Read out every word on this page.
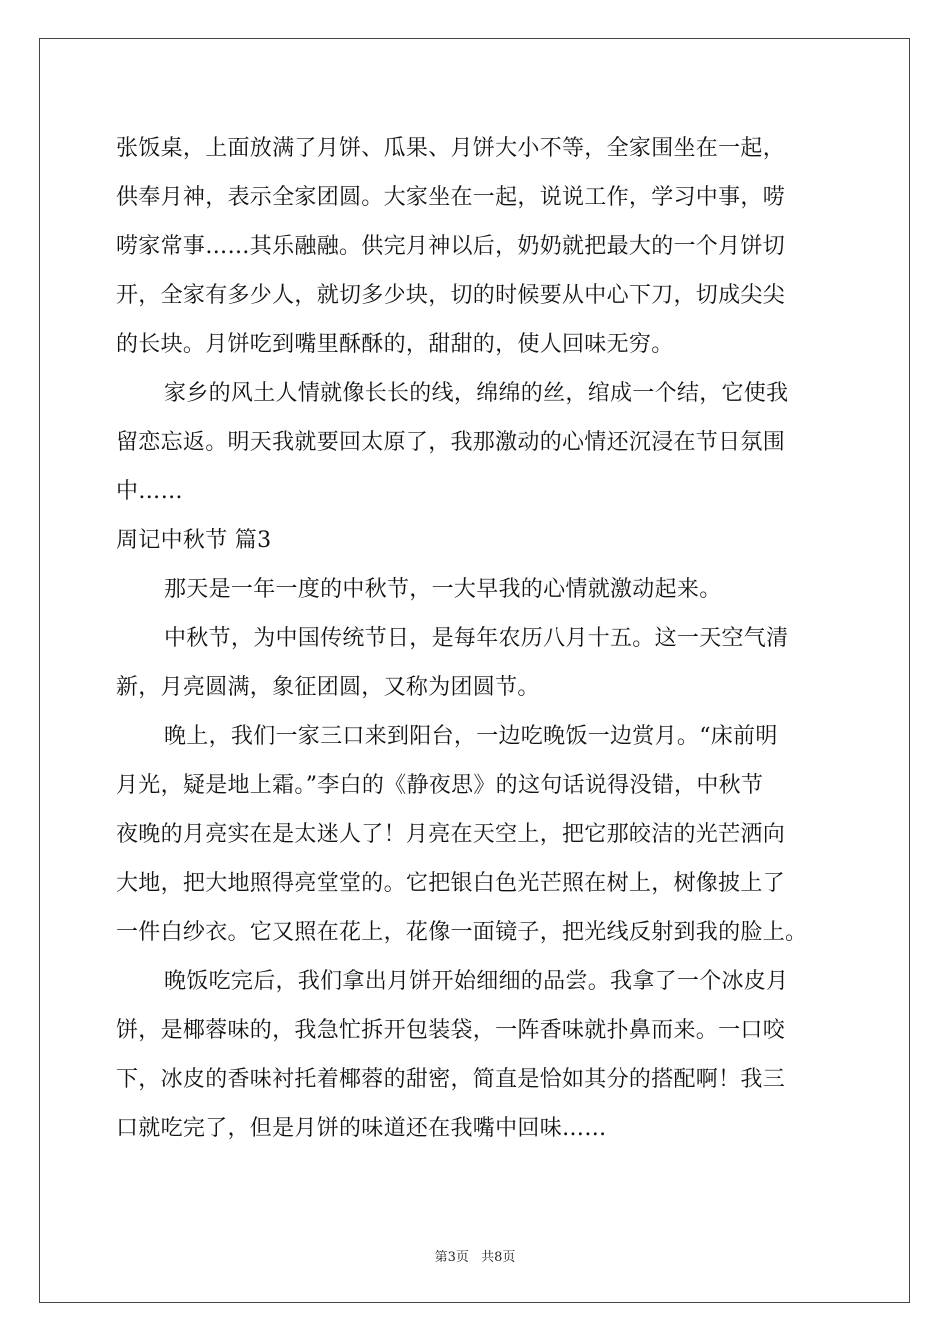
张饭桌，上面放满了月饼、瓜果、月饼大小不等，全家围坐在一起，
供奉月神，表示全家团圆。大家坐在一起，说说工作，学习中事，唠
唠家常事……其乐融融。供完月神以后，奶奶就把最大的一个月饼切
开，全家有多少人，就切多少块，切的时候要从中心下刀，切成尖尖
的长块。月饼吃到嘴里酥酥的，甜甜的，使人回味无穷。
家乡的风土人情就像长长的线，绵绵的丝，绾成一个结，它使我
留恋忘返。明天我就要回太原了，我那激动的心情还沉浸在节日氛围
中……
周记中秋节 篇3
那天是一年一度的中秋节，一大早我的心情就激动起来。
中秋节，为中国传统节日，是每年农历八月十五。这一天空气清
新，月亮圆满，象征团圆，又称为团圆节。
晚上，我们一家三口来到阳台，一边吃晚饭一边赏月。“床前明
月光，疑是地上霜。”李白的《静夜思》的这句话说得没错，中秋节
夜晚的月亮实在是太迷人了！月亮在天空上，把它那皎洁的光芒洒向
大地，把大地照得亮堂堂的。它把银白色光芒照在树上，树像披上了
一件白纱衣。它又照在花上，花像一面镜子，把光线反射到我的脸上。
晚饭吃完后，我们拿出月饼开始细细的品尝。我拿了一个冰皮月
饼，是椰蓉味的，我急忙拆开包装袋，一阵香味就扑鼻而来。一口咬
下，冰皮的香味衬托着椰蓉的甜密，简直是恰如其分的搭配啊！我三
口就吃完了，但是月饼的味道还在我嘴中回味……
第3页 共8页
